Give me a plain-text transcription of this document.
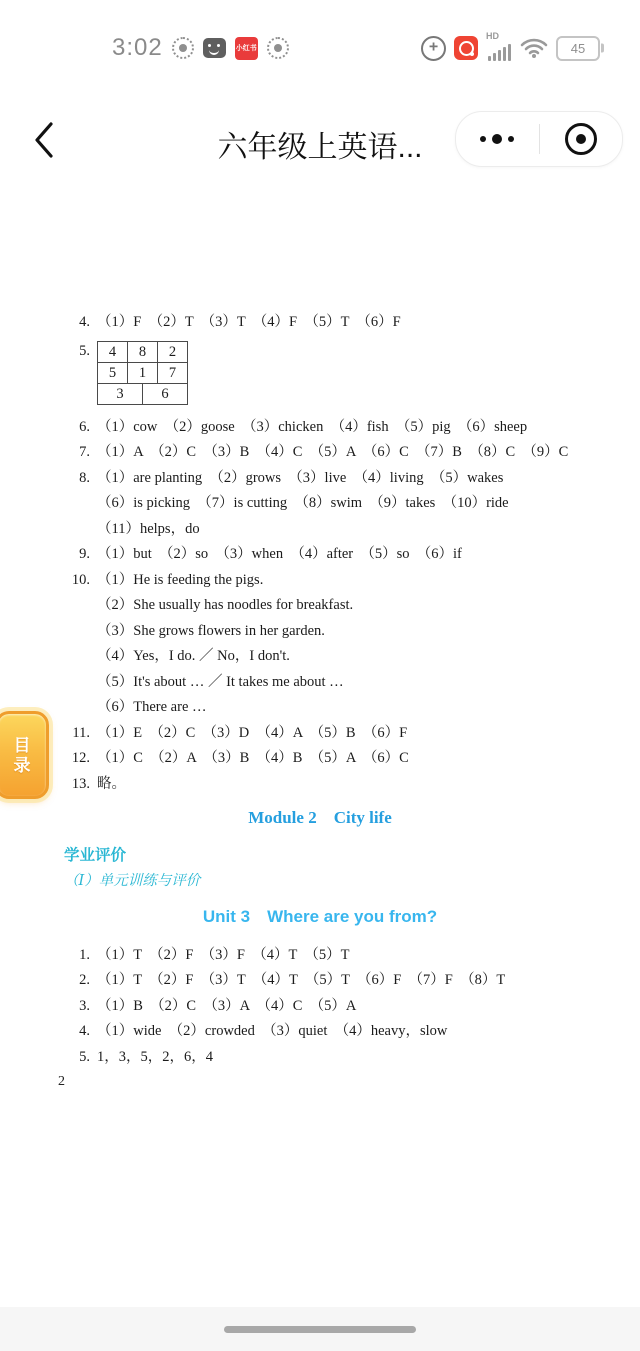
3:02	小红书
+
HD
45
六年级上英语...
4. （1）F　（2）T　（3）T　（4）F　（5）T　（6）F
5. 4	8		2
5	1		7
3		6	
6. （1）cow　（2）goose　（3）chicken　（4）fish　（5）pig　（6）sheep
7. （1）A　（2）C　（3）B　（4）C　（5）A　（6）C　（7）B　（8）C　（9）C
8. （1）are planting　（2）grows　（3）live　（4）living　（5）wakes
（6）is picking　（7）is cutting　（8）swim　（9）takes　（10）ride
（11）helps，do
9. （1）but　（2）so　（3）when　（4）after　（5）so　（6）if
10. （1）He is feeding the pigs.
（2）She usually has noodles for breakfast.
（3）She grows flowers in her garden.
（4）Yes，I do. ／ No，I don't.
（5）It's about … ／ It takes me about …
（6）There are …
11. （1）E　（2）C　（3）D　（4）A　（5）B　（6）F
12. （1）C　（2）A　（3）B　（4）B　（5）A　（6）C
13. 略。
Module 2　City life
学业评价
（Ⅰ）单元训练与评价
Unit 3　Where are you from?
1. （1）T　（2）F　（3）F　（4）T　（5）T
2. （1）T　（2）F　（3）T　（4）T　（5）T　（6）F　（7）F　（8）T
3. （1）B　（2）C　（3）A　（4）C　（5）A
4. （1）wide　（2）crowded　（3）quiet　（4）heavy，slow
5. 1，3，5，2，6，4
2
目
录
